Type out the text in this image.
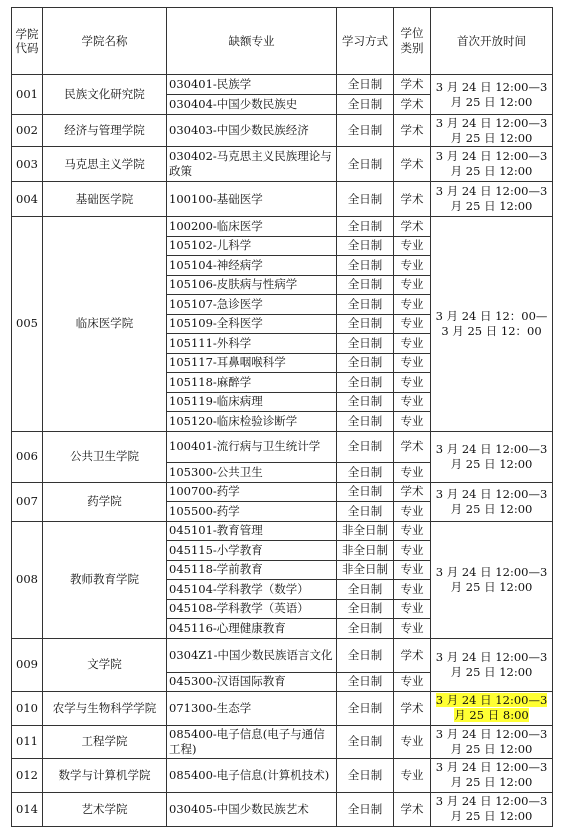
学院代码	学院名称	缺额专业	学习方式	学位类别	首次开放时间
001	民族文化研究院	030401-民族学	全日制	学术	3 月 24 日 12:00—3 月 25 日 12:00
		030404-中国少数民族史	全日制	学术	
002	经济与管理学院	030403-中国少数民族经济	全日制	学术	3 月 24 日 12:00—3 月 25 日 12:00
003	马克思主义学院	030402-马克思主义民族理论与政策	全日制	学术	3 月 24 日 12:00—3 月 25 日 12:00
004	基础医学院	100100-基础医学	全日制	学术	3 月 24 日 12:00—3 月 25 日 12:00
005	临床医学院	100200-临床医学	全日制	学术	3 月 24 日 12：00—3 月 25 日 12：00
		105102-儿科学	全日制	专业	
		105104-神经病学	全日制	专业	
		105106-皮肤病与性病学	全日制	专业	
		105107-急诊医学	全日制	专业	
		105109-全科医学	全日制	专业	
		105111-外科学	全日制	专业	
		105117-耳鼻咽喉科学	全日制	专业	
		105118-麻醉学	全日制	专业	
		105119-临床病理	全日制	专业	
		105120-临床检验诊断学	全日制	专业	
006	公共卫生学院	100401-流行病与卫生统计学	全日制	学术	3 月 24 日 12:00—3 月 25 日 12:00
		105300-公共卫生	全日制	专业	
007	药学院	100700-药学	全日制	学术	3 月 24 日 12:00—3 月 25 日 12:00
		105500-药学	全日制	专业	
008	教师教育学院	045101-教育管理	非全日制	专业	3 月 24 日 12:00—3 月 25 日 12:00
		045115-小学教育	非全日制	专业	
		045118-学前教育	非全日制	专业	
		045104-学科教学（数学）	全日制	专业	
		045108-学科教学（英语）	全日制	专业	
		045116-心理健康教育	全日制	专业	
009	文学院	0304Z1-中国少数民族语言文化	全日制	学术	3 月 24 日 12:00—3 月 25 日 12:00
		045300-汉语国际教育	全日制	专业	
010	农学与生物科学学院	071300-生态学	全日制	学术	3 月 24 日 12:00—3 月 25 日 8:00
011	工程学院	085400-电子信息(电子与通信工程)	全日制	专业	3 月 24 日 12:00—3 月 25 日 12:00
012	数学与计算机学院	085400-电子信息(计算机技术)	全日制	专业	3 月 24 日 12:00—3 月 25 日 12:00
014	艺术学院	030405-中国少数民族艺术	全日制	学术	3 月 24 日 12:00—3 月 25 日 12:00
